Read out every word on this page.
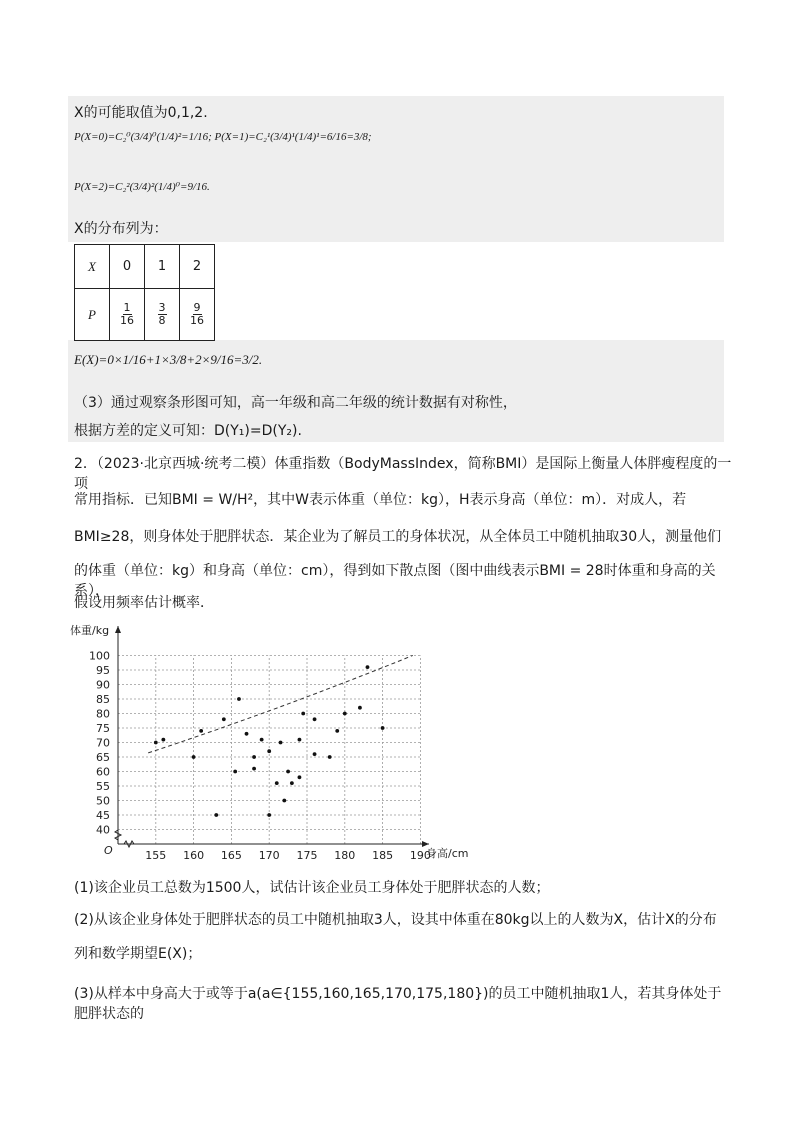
X的可能取值为0,1,2.
P(X=0)=C₂⁰(3/4)⁰(1/4)²=1/16; P(X=1)=C₂¹(3/4)¹(1/4)¹=6/16=3/8;
P(X=2)=C₂²(3/4)²(1/4)⁰=9/16.
X的分布列为：
X	0	1	2
P	$\frac{1}{16}$	$\frac{3}{8}$	$\frac{9}{16}$
E(X)=0×1/16+1×3/8+2×9/16=3/2.
（3）通过观察条形图可知，高一年级和高二年级的统计数据有对称性，
根据方差的定义可知：D(Y₁)=D(Y₂).
2．（2023·北京西城·统考二模）体重指数（BodyMassIndex，简称BMI）是国际上衡量人体胖瘦程度的一项
常用指标．已知BMI = W/H²，其中W表示体重（单位：kg），H表示身高（单位：m）．对成人，若
BMI≥28，则身体处于肥胖状态．某企业为了解员工的身体状况，从全体员工中随机抽取30人，测量他们
的体重（单位：kg）和身高（单位：cm），得到如下散点图（图中曲线表示BMI = 28时体重和身高的关系），
假设用频率估计概率．
155 160 165 170 175 180 185 190
40
45
50
55
60
65
70
75
80
85
90
95
100
体重/kg
身高/cm
O
(1)该企业员工总数为1500人，试估计该企业员工身体处于肥胖状态的人数；
(2)从该企业身体处于肥胖状态的员工中随机抽取3人，设其中体重在80kg以上的人数为X，估计X的分布
列和数学期望E(X)；
(3)从样本中身高大于或等于a(a∈{155,160,165,170,175,180})的员工中随机抽取1人，若其身体处于肥胖状态的
